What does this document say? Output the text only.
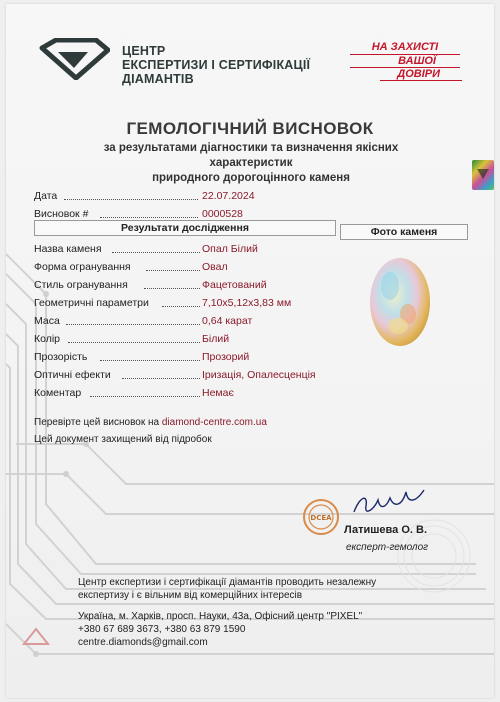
ЦЕНТР
ЕКСПЕРТИЗИ І СЕРТИФІКАЦІЇ
ДІАМАНТІВ
НА ЗАХИСТІ
ВАШОЇ
ДОВІРИ
ГЕМОЛОГІЧНИЙ ВИСНОВОК
за результатами діагностики та визначення якісних характеристик
природного дорогоцінного каменя
Дата	22.07.2024
Висновок #	0000528
Результати дослідження	Фото каменя
Назва каменя	Опал Білий
Форма огранування	Овал
Стиль огранування	Фацетований
Геометричні параметри	7,10x5,12x3,83 мм
Маса	0,64 карат
Колір	Білий
Прозорість	Прозорий
Оптичні ефекти	Іризація, Опалесценція
Коментар	Немає
Перевірте цей висновок на diamond-centre.com.ua
Цей документ захищений від підробок
DCEA
Латишева О. В.
експерт-гемолог
Центр експертизи і сертифікації діамантів проводить незалежну
експертизу і є вільним від комерційних інтересів
Україна, м. Харків, просп. Науки, 43а, Офісний центр "PIXEL"
+380 67 689 3673, +380 63 879 1590
centre.diamonds@gmail.com
